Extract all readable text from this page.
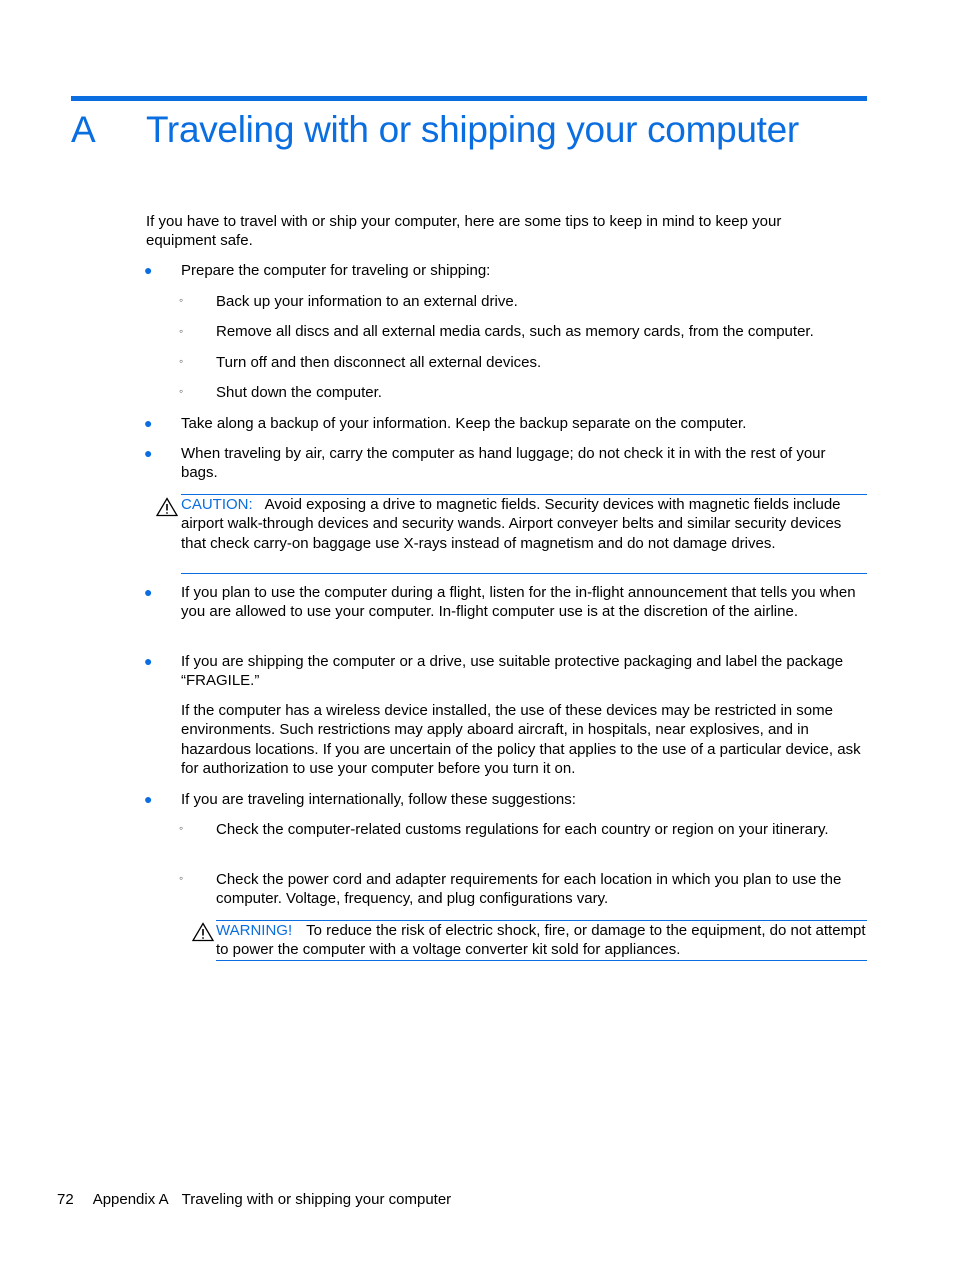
A Traveling with or shipping your computer
If you have to travel with or ship your computer, here are some tips to keep in mind to keep your equipment safe.
● Prepare the computer for traveling or shipping:
◦ Back up your information to an external drive.
◦ Remove all discs and all external media cards, such as memory cards, from the computer.
◦ Turn off and then disconnect all external devices.
◦ Shut down the computer.
● Take along a backup of your information. Keep the backup separate on the computer.
● When traveling by air, carry the computer as hand luggage; do not check it in with the rest of your bags.
CAUTION: Avoid exposing a drive to magnetic fields. Security devices with magnetic fields include airport walk-through devices and security wands. Airport conveyer belts and similar security devices that check carry-on baggage use X-rays instead of magnetism and do not damage drives.
● If you plan to use the computer during a flight, listen for the in-flight announcement that tells you when you are allowed to use your computer. In-flight computer use is at the discretion of the airline.
● If you are shipping the computer or a drive, use suitable protective packaging and label the package “FRAGILE.”
If the computer has a wireless device installed, the use of these devices may be restricted in some environments. Such restrictions may apply aboard aircraft, in hospitals, near explosives, and in hazardous locations. If you are uncertain of the policy that applies to the use of a particular device, ask for authorization to use your computer before you turn it on.
● If you are traveling internationally, follow these suggestions:
◦ Check the computer-related customs regulations for each country or region on your itinerary.
◦ Check the power cord and adapter requirements for each location in which you plan to use the computer. Voltage, frequency, and plug configurations vary.
WARNING! To reduce the risk of electric shock, fire, or damage to the equipment, do not attempt to power the computer with a voltage converter kit sold for appliances.
72 Appendix A Traveling with or shipping your computer
